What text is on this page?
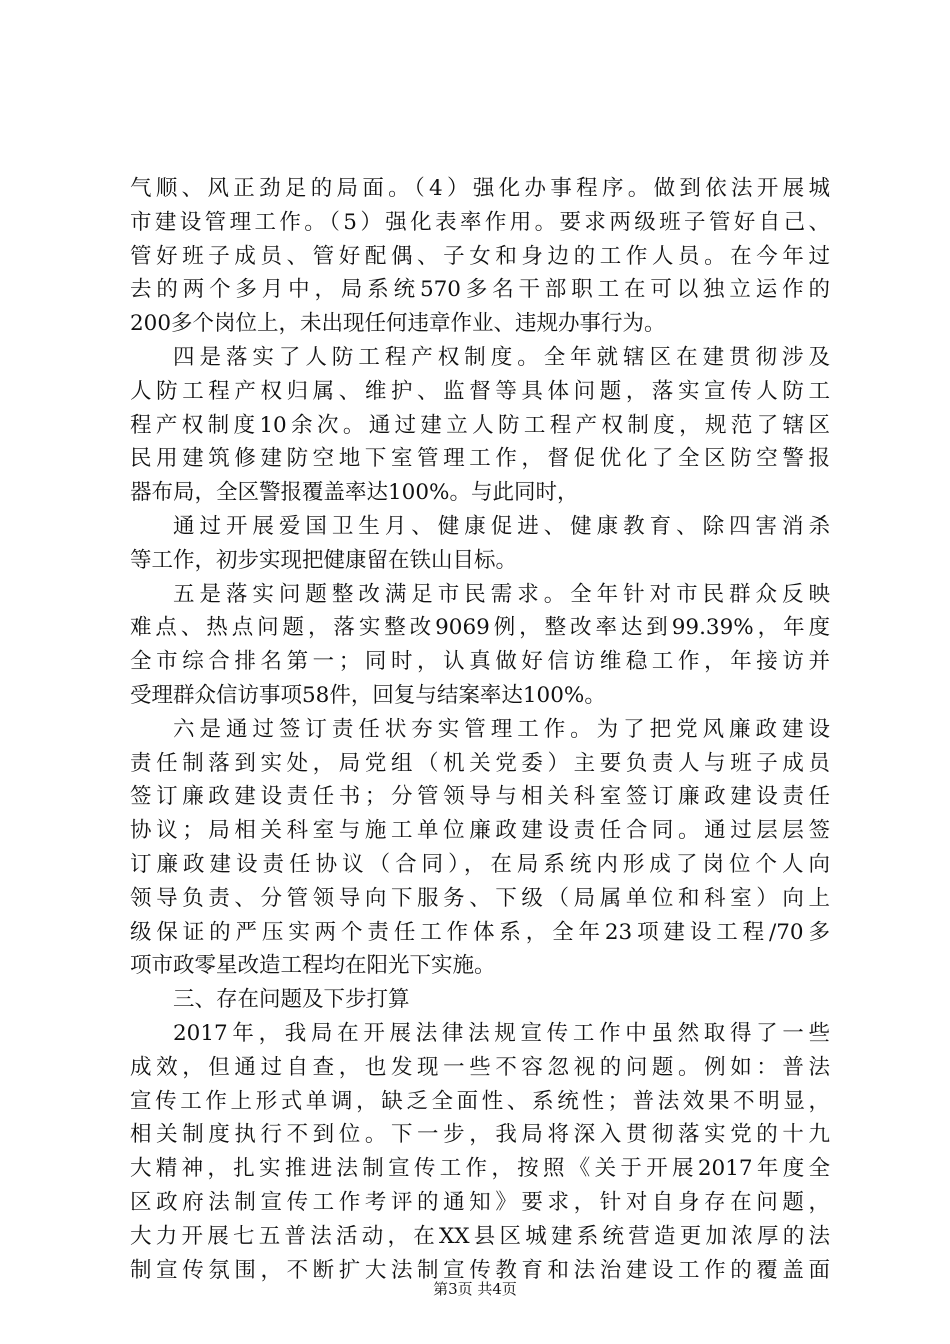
气顺、风正劲足的局面。（4）强化办事程序。做到依法开展城
市建设管理工作。（5）强化表率作用。要求两级班子管好自己、
管好班子成员、管好配偶、子女和身边的工作人员。在今年过
去的两个多月中，局系统570多名干部职工在可以独立运作的
200多个岗位上，未出现任何违章作业、违规办事行为。
四是落实了人防工程产权制度。全年就辖区在建贯彻涉及
人防工程产权归属、维护、监督等具体问题，落实宣传人防工
程产权制度10余次。通过建立人防工程产权制度，规范了辖区
民用建筑修建防空地下室管理工作，督促优化了全区防空警报
器布局，全区警报覆盖率达100%。与此同时，
通过开展爱国卫生月、健康促进、健康教育、除四害消杀
等工作，初步实现把健康留在铁山目标。
五是落实问题整改满足市民需求。全年针对市民群众反映
难点、热点问题，落实整改9069例，整改率达到99.39%，年度
全市综合排名第一；同时，认真做好信访维稳工作，年接访并
受理群众信访事项58件，回复与结案率达100%。
六是通过签订责任状夯实管理工作。为了把党风廉政建设
责任制落到实处，局党组（机关党委）主要负责人与班子成员
签订廉政建设责任书；分管领导与相关科室签订廉政建设责任
协议；局相关科室与施工单位廉政建设责任合同。通过层层签
订廉政建设责任协议（合同），在局系统内形成了岗位个人向
领导负责、分管领导向下服务、下级（局属单位和科室）向上
级保证的严压实两个责任工作体系，全年23项建设工程/70多
项市政零星改造工程均在阳光下实施。
三、存在问题及下步打算
2017年，我局在开展法律法规宣传工作中虽然取得了一些
成效，但通过自查，也发现一些不容忽视的问题。例如：普法
宣传工作上形式单调，缺乏全面性、系统性；普法效果不明显，
相关制度执行不到位。下一步，我局将深入贯彻落实党的十九
大精神，扎实推进法制宣传工作，按照《关于开展2017年度全
区政府法制宣传工作考评的通知》要求，针对自身存在问题，
大力开展七五普法活动，在XX县区城建系统营造更加浓厚的法
制宣传氛围，不断扩大法制宣传教育和法治建设工作的覆盖面
第3页 共4页
